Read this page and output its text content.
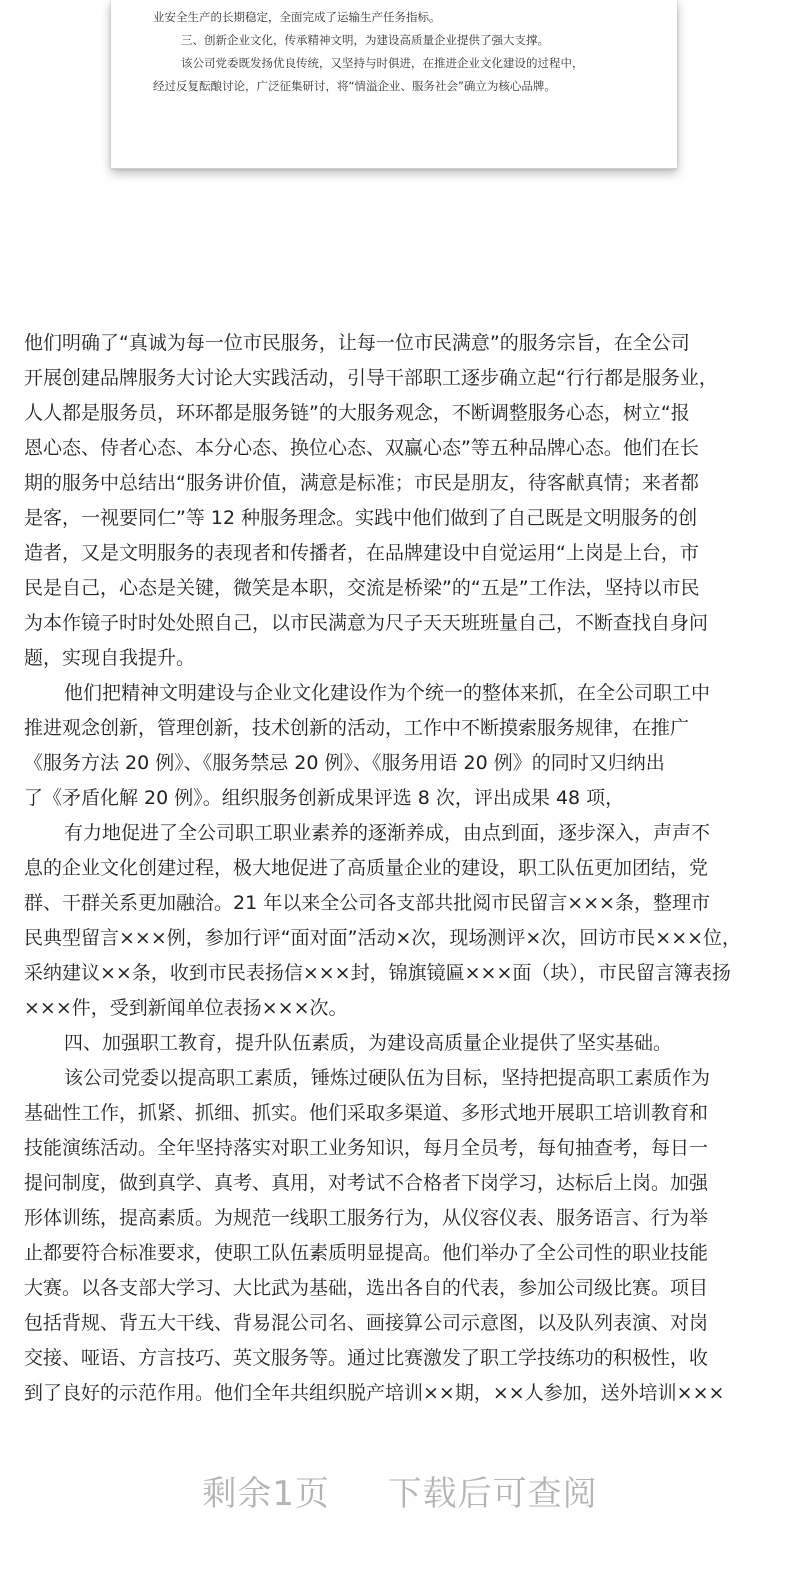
业安全生产的长期稳定，全面完成了运输生产任务指标。
三、创新企业文化，传承精神文明，为建设高质量企业提供了强大支撑。
该公司党委既发扬优良传统，又坚持与时俱进，在推进企业文化建设的过程中，
经过反复酝酿讨论，广泛征集研讨，将“情溢企业、服务社会”确立为核心品牌。

他们明确了“真诚为每一位市民服务，让每一位市民满意”的服务宗旨，在全公司
开展创建品牌服务大讨论大实践活动，引导干部职工逐步确立起“行行都是服务业，
人人都是服务员，环环都是服务链”的大服务观念，不断调整服务心态，树立“报
恩心态、侍者心态、本分心态、换位心态、双赢心态”等五种品牌心态。他们在长
期的服务中总结出“服务讲价值，满意是标准；市民是朋友，待客献真情；来者都
是客，一视要同仁”等 12 种服务理念。实践中他们做到了自己既是文明服务的创
造者，又是文明服务的表现者和传播者，在品牌建设中自觉运用“上岗是上台，市
民是自己，心态是关键，微笑是本职，交流是桥梁”的“五是”工作法，坚持以市民
为本作镜子时时处处照自己，以市民满意为尺子天天班班量自己，不断查找自身问
题，实现自我提升。

他们把精神文明建设与企业文化建设作为个统一的整体来抓，在全公司职工中
推进观念创新，管理创新，技术创新的活动，工作中不断摸索服务规律，在推广
《服务方法 20 例》、《服务禁忌 20 例》、《服务用语 20 例》的同时又归纳出
了《矛盾化解 20 例》。组织服务创新成果评选 8 次，评出成果 48 项，

有力地促进了全公司职工职业素养的逐渐养成，由点到面，逐步深入，声声不
息的企业文化创建过程，极大地促进了高质量企业的建设，职工队伍更加团结，党
群、干群关系更加融洽。21 年以来全公司各支部共批阅市民留言×××条，整理市
民典型留言×××例，参加行评“面对面”活动×次，现场测评×次，回访市民×××位，
采纳建议××条，收到市民表扬信×××封，锦旗镜匾×××面（块），市民留言簿表扬
×××件，受到新闻单位表扬×××次。

四、加强职工教育，提升队伍素质，为建设高质量企业提供了坚实基础。

该公司党委以提高职工素质，锤炼过硬队伍为目标，坚持把提高职工素质作为
基础性工作，抓紧、抓细、抓实。他们采取多渠道、多形式地开展职工培训教育和
技能演练活动。全年坚持落实对职工业务知识，每月全员考，每旬抽查考，每日一
提问制度，做到真学、真考、真用，对考试不合格者下岗学习，达标后上岗。加强
形体训练，提高素质。为规范一线职工服务行为，从仪容仪表、服务语言、行为举
止都要符合标准要求，使职工队伍素质明显提高。他们举办了全公司性的职业技能
大赛。以各支部大学习、大比武为基础，选出各自的代表，参加公司级比赛。项目
包括背规、背五大干线、背易混公司名、画接算公司示意图，以及队列表演、对岗
交接、哑语、方言技巧、英文服务等。通过比赛激发了职工学技练功的积极性，收
到了良好的示范作用。他们全年共组织脱产培训××期，××人参加，送外培训×××

剩余1页 下载后可查阅
